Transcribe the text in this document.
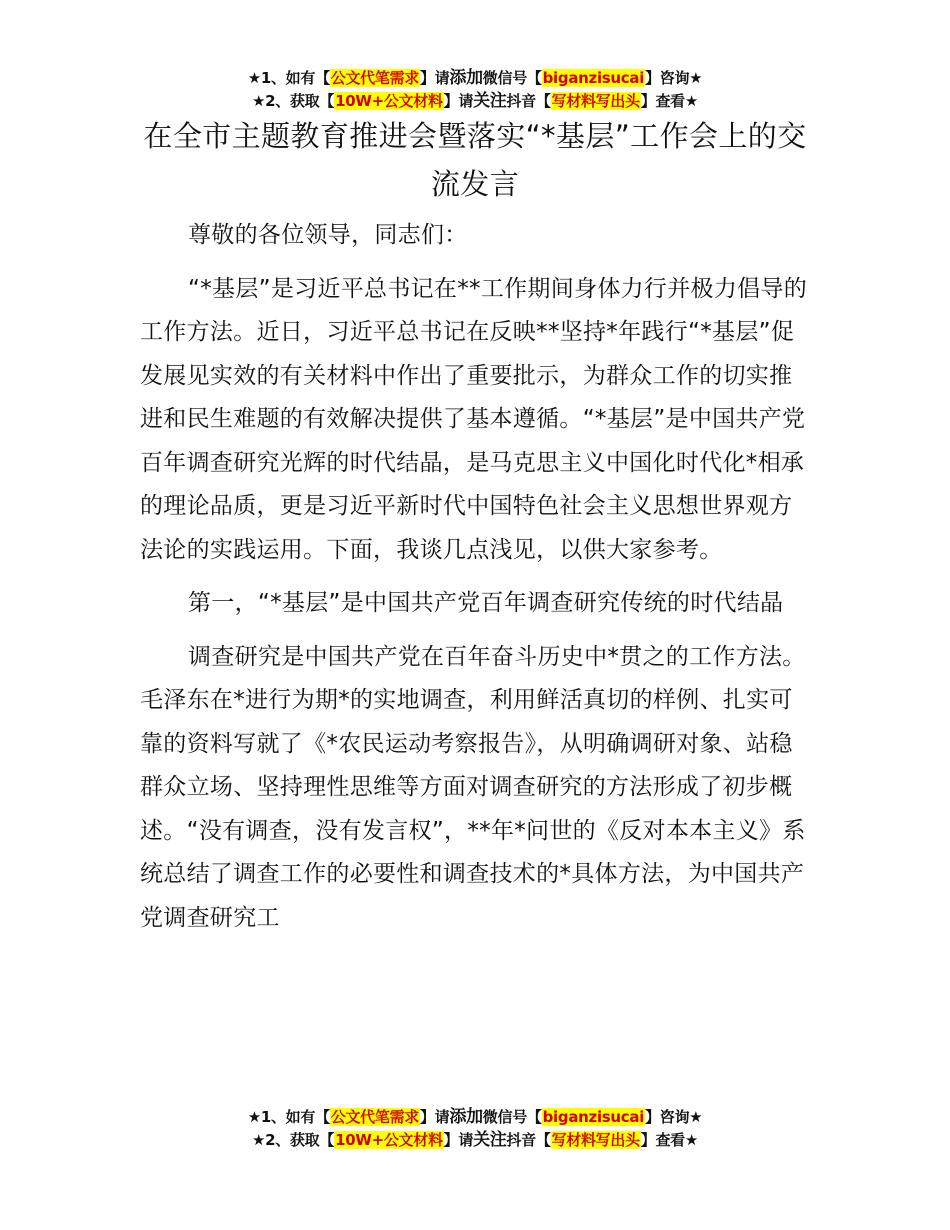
★1、如有【公文代笔需求】请添加微信号【biganzisucai】咨询★
★2、获取【10W+公文材料】请关注抖音【写材料写出头】查看★
在全市主题教育推进会暨落实“*基层”工作会上的交流发言

尊敬的各位领导，同志们：

“*基层”是习近平总书记在**工作期间身体力行并极力倡导的工作方法。近日，习近平总书记在反映**坚持*年践行“*基层”促发展见实效的有关材料中作出了重要批示，为群众工作的切实推进和民生难题的有效解决提供了基本遵循。“*基层”是中国共产党百年调查研究光辉的时代结晶，是马克思主义中国化时代化*相承的理论品质，更是习近平新时代中国特色社会主义思想世界观方法论的实践运用。下面，我谈几点浅见，以供大家参考。

第一，“*基层”是中国共产党百年调查研究传统的时代结晶

调查研究是中国共产党在百年奋斗历史中*贯之的工作方法。毛泽东在*进行为期*的实地调查，利用鲜活真切的样例、扎实可靠的资料写就了《*农民运动考察报告》，从明确调研对象、站稳群众立场、坚持理性思维等方面对调查研究的方法形成了初步概述。“没有调查，没有发言权”，**年*问世的《反对本本主义》系统总结了调查工作的必要性和调查技术的*具体方法，为中国共产党调查研究工

★1、如有【公文代笔需求】请添加微信号【biganzisucai】咨询★
★2、获取【10W+公文材料】请关注抖音【写材料写出头】查看★
